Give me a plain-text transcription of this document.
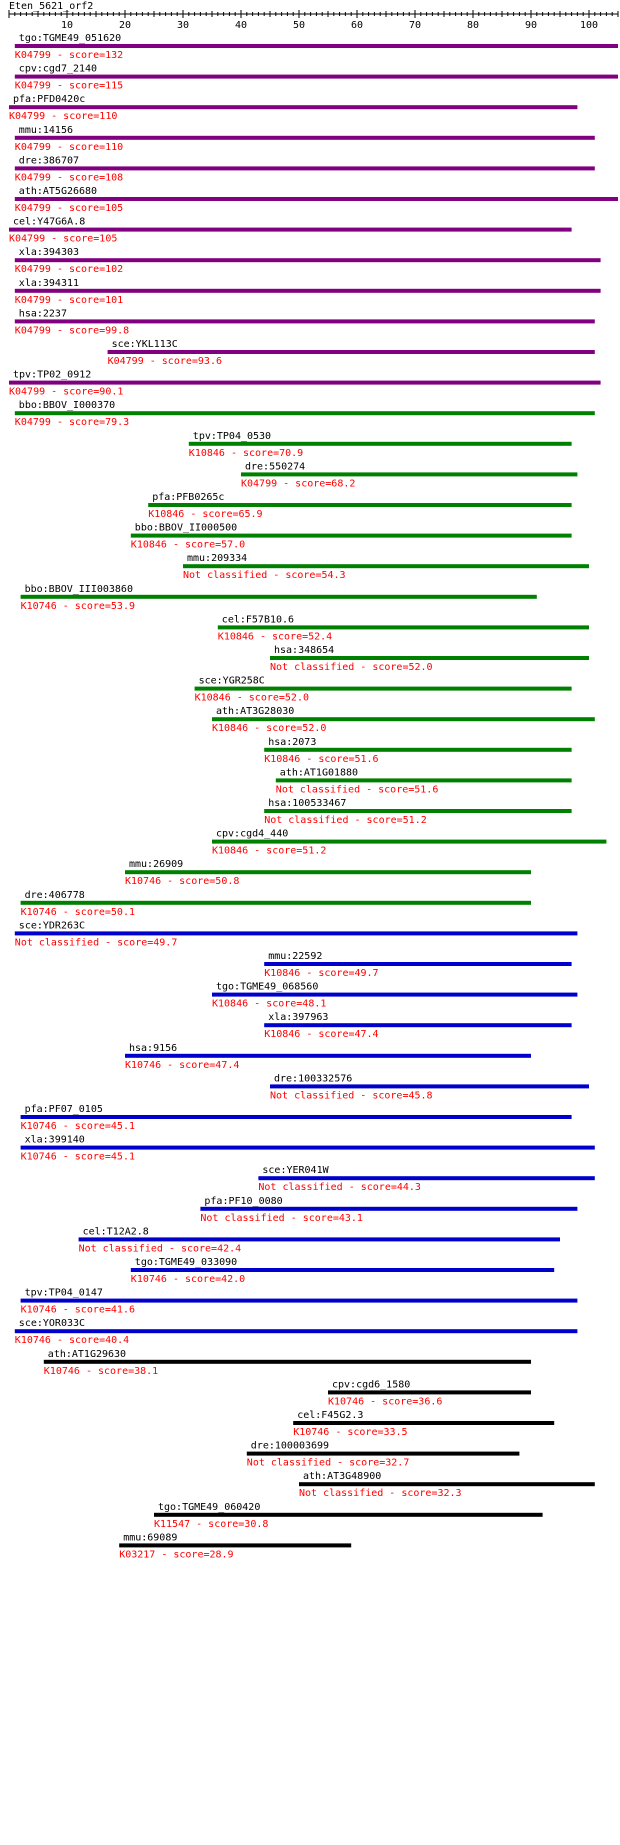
Eten_5621_orf2
10	20	30	40	50	60	70	80	90	100
tgo:TGME49_051620
K04799 - score=132
cpv:cgd7_2140
K04799 - score=115
pfa:PFD0420c
K04799 - score=110
mmu:14156
K04799 - score=110
dre:386707
K04799 - score=108
ath:AT5G26680
K04799 - score=105
cel:Y47G6A.8
K04799 - score=105
xla:394303
K04799 - score=102
xla:394311
K04799 - score=101
hsa:2237
K04799 - score=99.8
sce:YKL113C
K04799 - score=93.6
tpv:TP02_0912
K04799 - score=90.1
bbo:BBOV_I000370
K04799 - score=79.3
tpv:TP04_0530
K10846 - score=70.9
dre:550274
K04799 - score=68.2
pfa:PFB0265c
K10846 - score=65.9
bbo:BBOV_II000500
K10846 - score=57.0
mmu:209334
Not classified - score=54.3
bbo:BBOV_III003860
K10746 - score=53.9
cel:F57B10.6
K10846 - score=52.4
hsa:348654
Not classified - score=52.0
sce:YGR258C
K10846 - score=52.0
ath:AT3G28030
K10846 - score=52.0
hsa:2073
K10846 - score=51.6
ath:AT1G01880
Not classified - score=51.6
hsa:100533467
Not classified - score=51.2
cpv:cgd4_440
K10846 - score=51.2
mmu:26909
K10746 - score=50.8
dre:406778
K10746 - score=50.1
sce:YDR263C
Not classified - score=49.7
mmu:22592
K10846 - score=49.7
tgo:TGME49_068560
K10846 - score=48.1
xla:397963
K10846 - score=47.4
hsa:9156
K10746 - score=47.4
dre:100332576
Not classified - score=45.8
pfa:PF07_0105
K10746 - score=45.1
xla:399140
K10746 - score=45.1
sce:YER041W
Not classified - score=44.3
pfa:PF10_0080
Not classified - score=43.1
cel:T12A2.8
Not classified - score=42.4
tgo:TGME49_033090
K10746 - score=42.0
tpv:TP04_0147
K10746 - score=41.6
sce:YOR033C
K10746 - score=40.4
ath:AT1G29630
K10746 - score=38.1
cpv:cgd6_1580
K10746 - score=36.6
cel:F45G2.3
K10746 - score=33.5
dre:100003699
Not classified - score=32.7
ath:AT3G48900
Not classified - score=32.3
tgo:TGME49_060420
K11547 - score=30.8
mmu:69089
K03217 - score=28.9
